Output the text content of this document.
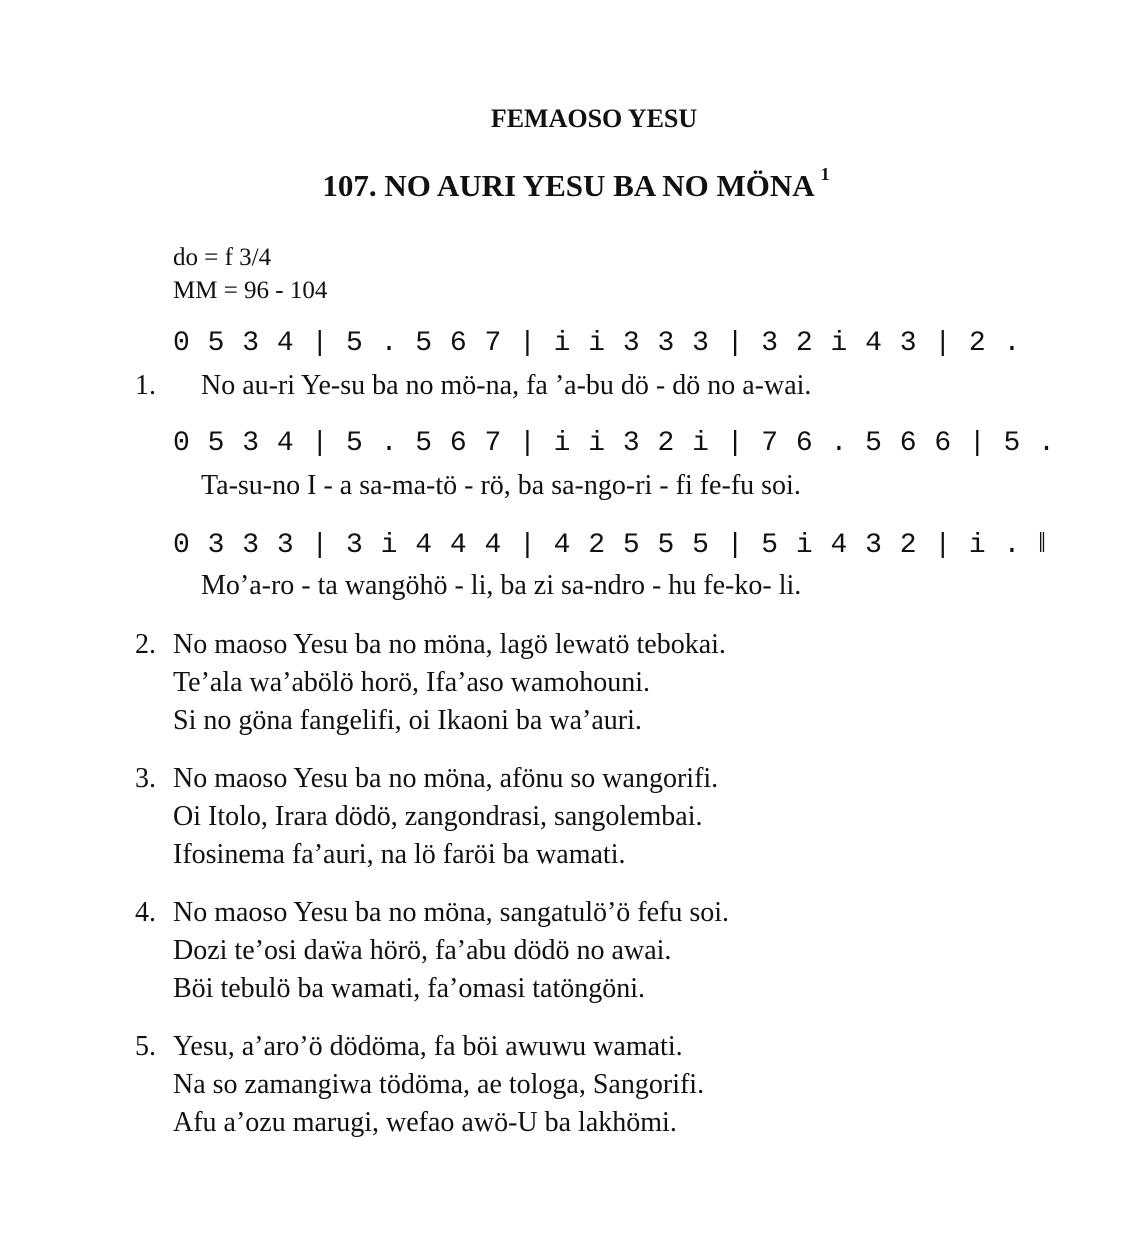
FEMAOSO YESU
107. NO AURI YESU BA NO MÖNA $^1$
do = f 3/4
MM = 96 - 104
0 5 3 4 | 5 . 5 6 7 | i i 3 3 3 | 3 2 i 4 3 | 2 .
1. No au-ri Ye-su ba no mö-na, fa ’a-bu dö - dö no a-wai.
0 5 3 4 | 5 . 5 6 7 | i i 3 2 i | 7 6 . 5 6 6 | 5 .
Ta-su-no I - a sa-ma-tö - rö, ba sa-ngo-ri - fi fe-fu soi.
0 3 3 3 | 3 i 4 4 4 | 4 2 5 5 5 | 5 i 4 3 2 | i . ‖
Mo’a-ro - ta wangöhö - li, ba zi sa-ndro - hu fe-ko- li.
2. No maoso Yesu ba no möna, lagö lewatö tebokai.
Te’ala wa’abölö horö, Ifa’aso wamohouni.
Si no göna fangelifi, oi Ikaoni ba wa’auri.
3. No maoso Yesu ba no möna, afönu so wangorifi.
Oi Itolo, Irara dödö, zangondrasi, sangolembai.
Ifosinema fa’auri, na lö faröi ba wamati.
4. No maoso Yesu ba no möna, sangatulö’ö fefu soi.
Dozi te’osi daẅa hörö, fa’abu dödö no awai.
Böi tebulö ba wamati, fa’omasi tatöngöni.
5. Yesu, a’aro’ö dödöma, fa böi awuwu wamati.
Na so zamangiwa tödöma, ae tologa, Sangorifi.
Afu a’ozu marugi, wefao awö-U ba lakhömi.
